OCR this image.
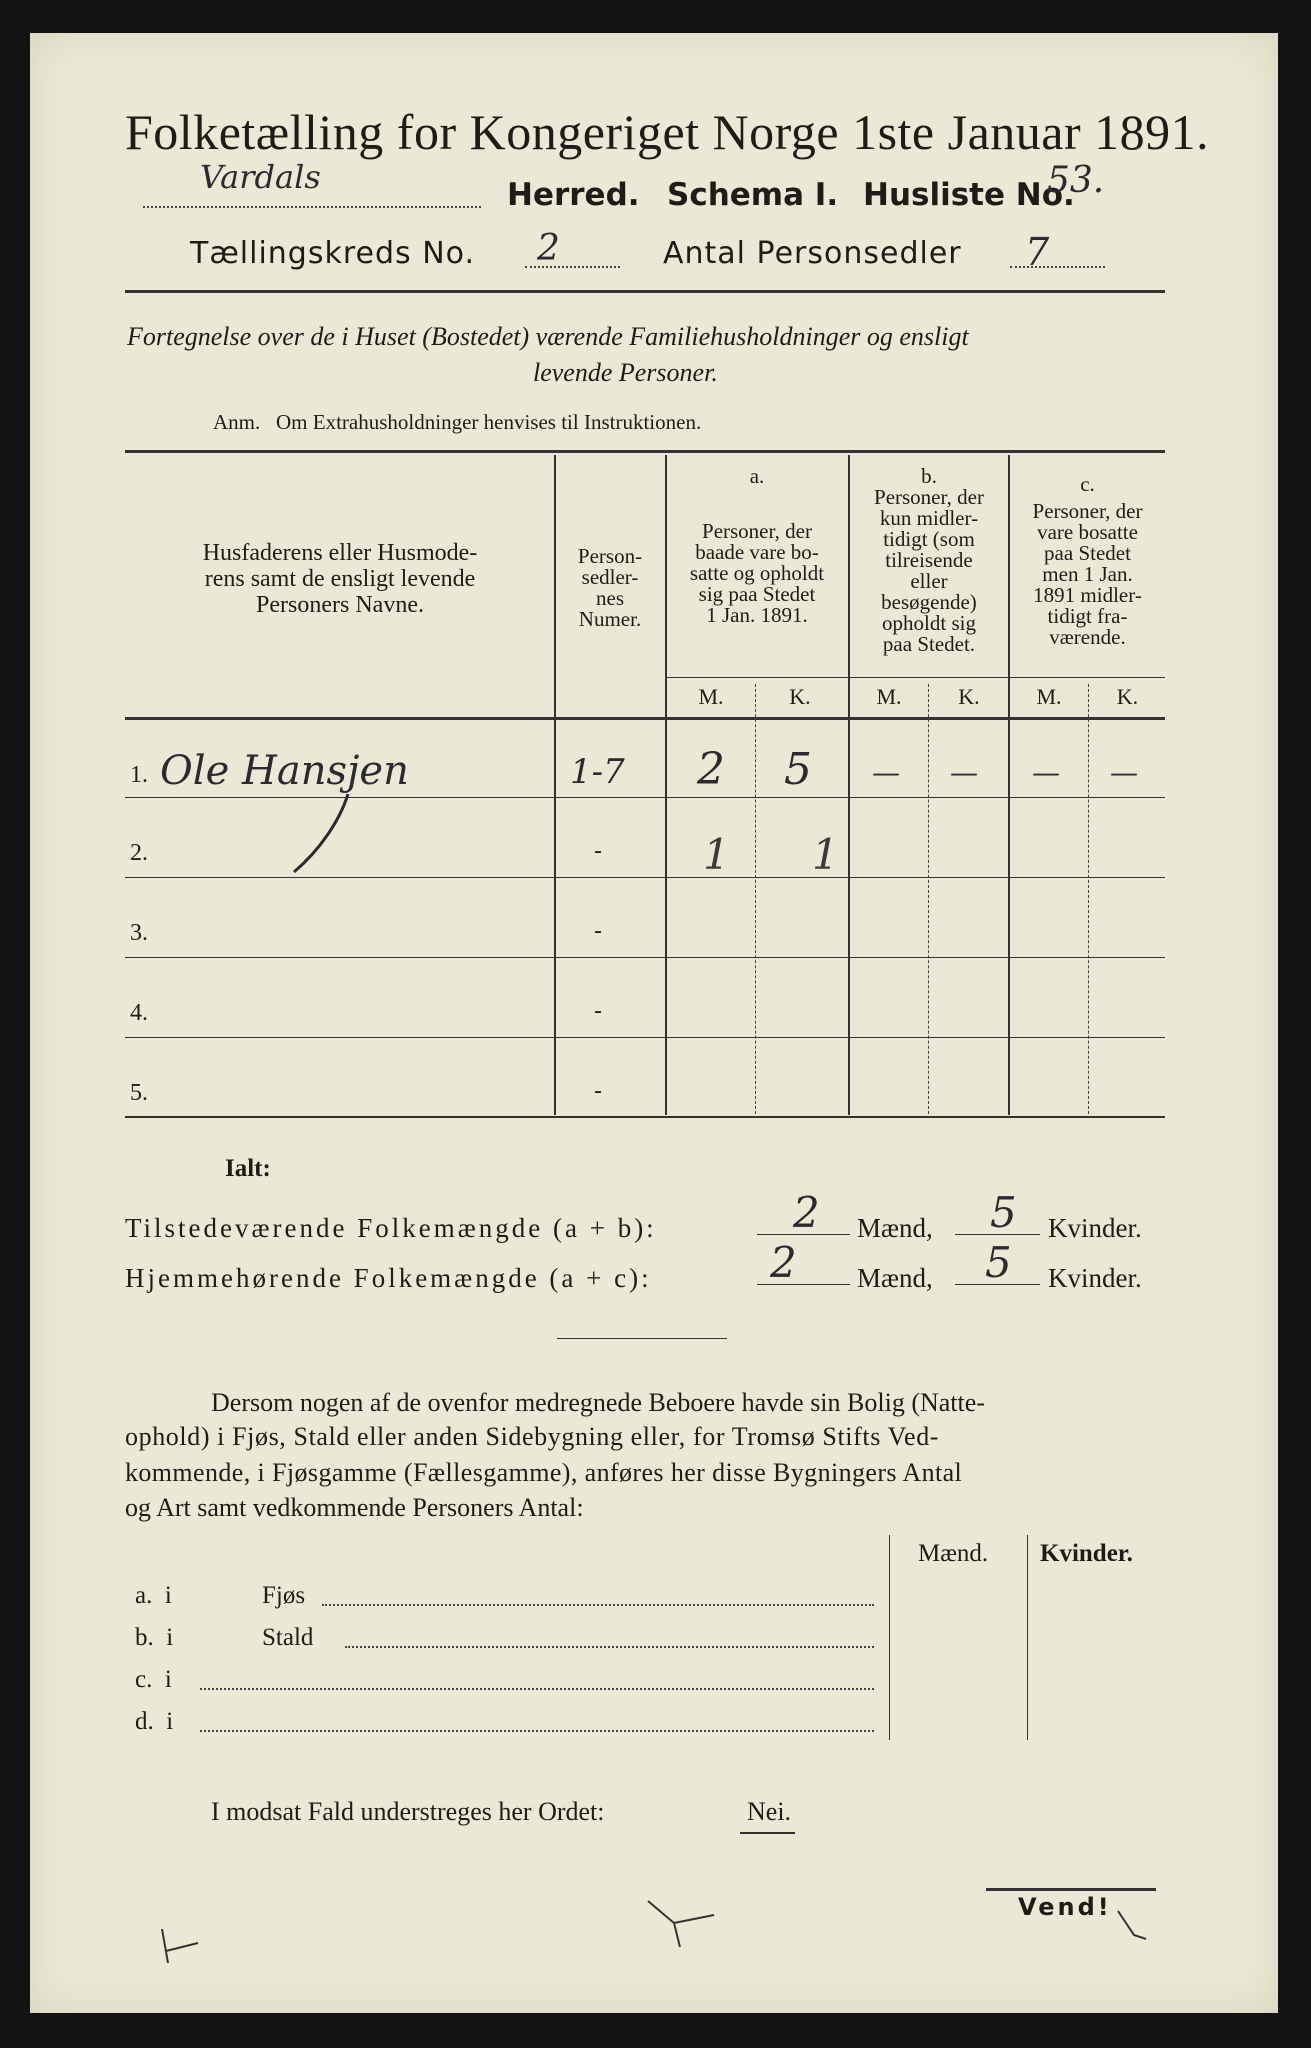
Folketælling for Kongeriget Norge 1ste Januar 1891.
Vardals	Herred. Schema I. Husliste No.
53.
Tællingskreds No. 2	Antal Personsedler 7
Fortegnelse over de i Huset (Bostedet) værende Familiehusholdninger og ensligt
levende Personer.
Anm.   Om Extrahusholdninger henvises til Instruktionen.
Husfaderens eller Husmode-
rens samt de ensligt levende
Personers Navne.
Person-
sedler-
nes
Numer.
a.
Personer, der
baade vare bo-
satte og opholdt
sig paa Stedet
1 Jan. 1891.
b.
Personer, der
kun midler-
tidigt (som
tilreisende
eller
besøgende)
opholdt sig
paa Stedet.
c.
Personer, der
vare bosatte
paa Stedet
men 1 Jan.
1891 midler-
tidigt fra-
værende.
M.	K.	M.	K.	M.	K.
1. Ole Hansjen	1-7 2 5 — — — —
2.	- 1 1
3.	-
4.	-
5.	-
Ialt:
Tilstedeværende Folkemængde (a + b):	2 Mænd, 5 Kvinder.
Hjemmehørende Folkemængde (a + c):	2 Mænd, 5 Kvinder.
Dersom nogen af de ovenfor medregnede Beboere havde sin Bolig (Natte-
ophold) i Fjøs, Stald eller anden Sidebygning eller, for Tromsø Stifts Ved-
kommende, i Fjøsgamme (Fællesgamme), anføres her disse Bygningers Antal
og Art samt vedkommende Personers Antal:
Mænd. Kvinder.
a.  i	Fjøs
b.  i	Stald
c.  i
d.  i
I modsat Fald understreges her Ordet:	Nei.
Vend!
